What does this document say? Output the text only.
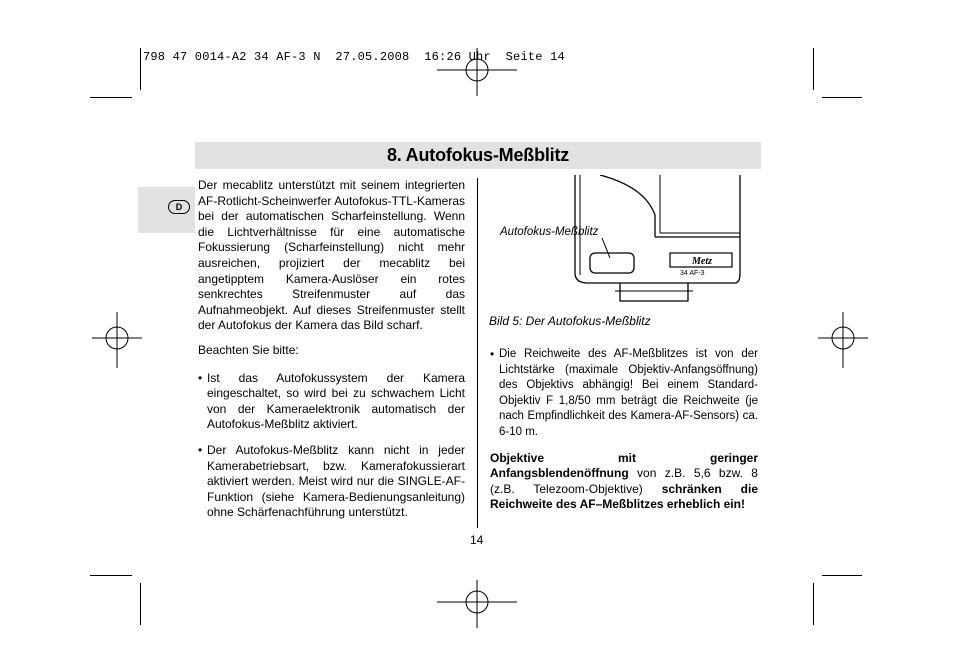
798 47 0014-A2 34 AF-3 N  27.05.2008  16:26 Uhr  Seite 14
8. Autofokus-Meßblitz
D

Der mecablitz unterstützt mit seinem integrierten AF-Rotlicht-Scheinwerfer Autofokus-TTL-Kameras bei der automatischen Scharfeinstellung. Wenn die Lichtverhältnisse für eine automatische Fokussierung (Scharfeinstellung) nicht mehr ausreichen, projiziert der mecablitz bei angetipptem Kamera-Auslöser ein rotes senkrechtes Streifenmuster auf das Aufnahmeobjekt. Auf dieses Streifenmuster stellt der Autofokus der Kamera das Bild scharf.

Beachten Sie bitte:

• Ist das Autofokussystem der Kamera eingeschaltet, so wird bei zu schwachem Licht von der Kameraelektronik automatisch der Autofokus-Meßblitz aktiviert.
• Der Autofokus-Meßblitz kann nicht in jeder Kamerabetriebsart, bzw. Kamerafokussierart aktiviert werden. Meist wird nur die SINGLE-AF-Funktion (siehe Kamera-Bedienungsanleitung) ohne Schärfenachführung unterstützt.
Metz
34 AF-3
Autofokus-Meßblitz
Bild 5: Der Autofokus-Meßblitz
• Die Reichweite des AF-Meßblitzes ist von der Lichtstärke (maximale Objektiv-Anfangsöffnung) des Objektivs abhängig! Bei einem Standard-Objektiv F 1,8/50 mm beträgt die Reichweite (je nach Empfindlichkeit des Kamera-AF-Sensors) ca. 6-10 m.

Objektive mit geringer Anfangsblendenöffnung von z.B. 5,6 bzw. 8 (z.B. Telezoom-Objektive) schränken die Reichweite des AF–Meßblitzes erheblich ein!

14
